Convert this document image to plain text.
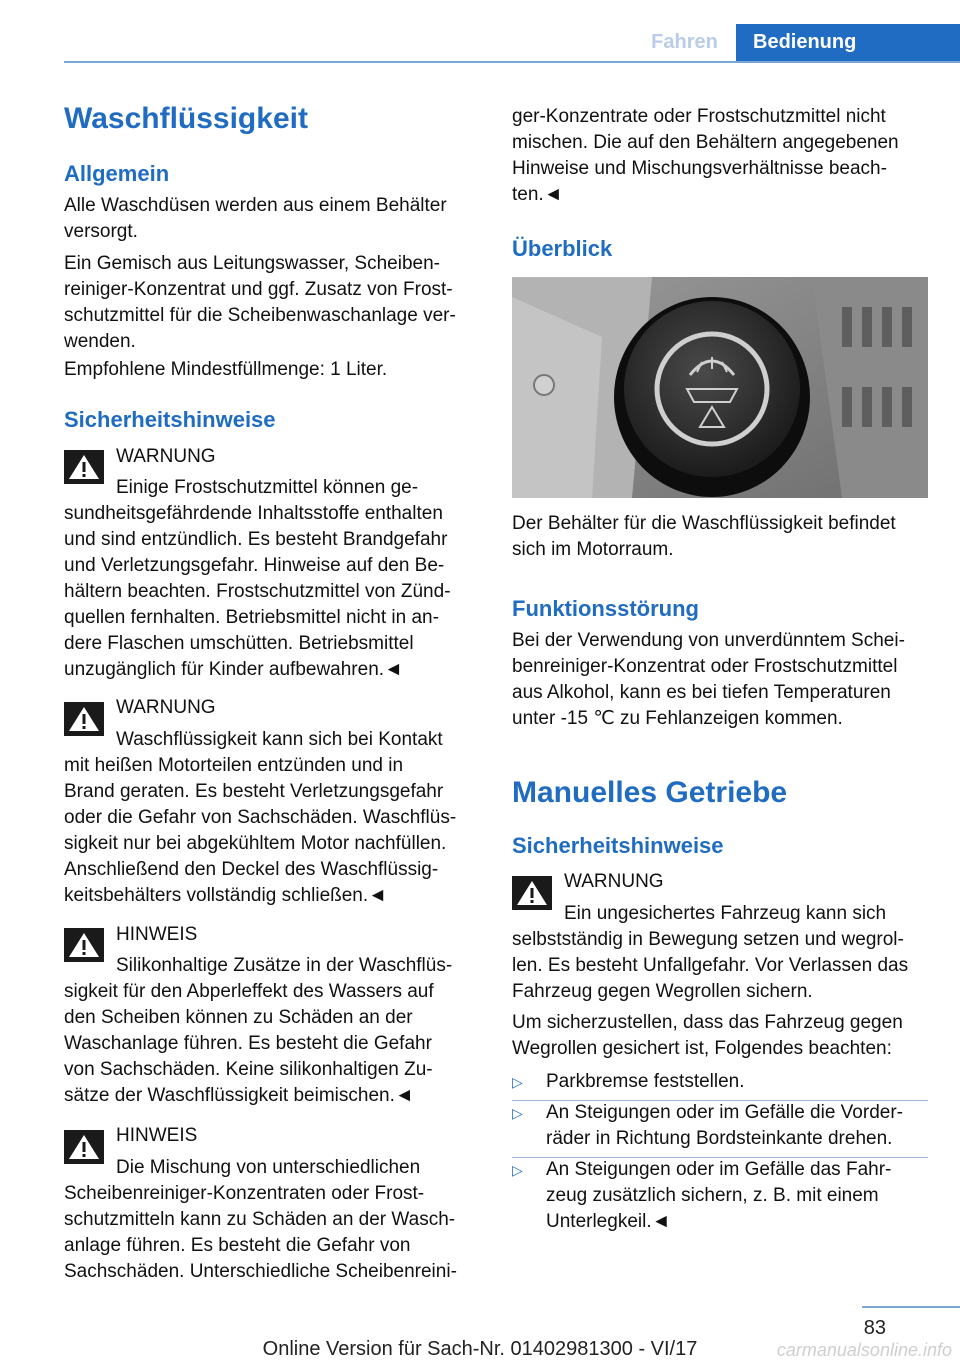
Fahren	Bedienung
Waschflüssigkeit
Allgemein
Alle Waschdüsen werden aus einem Behälter
versorgt.
Ein Gemisch aus Leitungswasser, Scheiben-
reiniger-Konzentrat und ggf. Zusatz von Frost-
schutzmittel für die Scheibenwaschanlage ver-
wenden.
Empfohlene Mindestfüllmenge: 1 Liter.
Sicherheitshinweise
WARNUNG
Einige Frostschutzmittel können ge-
sundheitsgefährdende Inhaltsstoffe enthalten
und sind entzündlich. Es besteht Brandgefahr
und Verletzungsgefahr. Hinweise auf den Be-
hältern beachten. Frostschutzmittel von Zünd-
quellen fernhalten. Betriebsmittel nicht in an-
dere Flaschen umschütten. Betriebsmittel
unzugänglich für Kinder aufbewahren.◄
WARNUNG
Waschflüssigkeit kann sich bei Kontakt
mit heißen Motorteilen entzünden und in
Brand geraten. Es besteht Verletzungsgefahr
oder die Gefahr von Sachschäden. Waschflüs-
sigkeit nur bei abgekühltem Motor nachfüllen.
Anschließend den Deckel des Waschflüssig-
keitsbehälters vollständig schließen.◄
HINWEIS
Silikonhaltige Zusätze in der Waschflüs-
sigkeit für den Abperleffekt des Wassers auf
den Scheiben können zu Schäden an der
Waschanlage führen. Es besteht die Gefahr
von Sachschäden. Keine silikonhaltigen Zu-
sätze der Waschflüssigkeit beimischen.◄
HINWEIS
Die Mischung von unterschiedlichen
Scheibenreiniger-Konzentraten oder Frost-
schutzmitteln kann zu Schäden an der Wasch-
anlage führen. Es besteht die Gefahr von
Sachschäden. Unterschiedliche Scheibenreini-
ger-Konzentrate oder Frostschutzmittel nicht
mischen. Die auf den Behältern angegebenen
Hinweise und Mischungsverhältnisse beach-
ten.◄
Überblick
Der Behälter für die Waschflüssigkeit befindet
sich im Motorraum.
Funktionsstörung
Bei der Verwendung von unverdünntem Schei-
benreiniger-Konzentrat oder Frostschutzmittel
aus Alkohol, kann es bei tiefen Temperaturen
unter -15 ℃ zu Fehlanzeigen kommen.
Manuelles Getriebe
Sicherheitshinweise
WARNUNG
Ein ungesichertes Fahrzeug kann sich
selbstständig in Bewegung setzen und wegrol-
len. Es besteht Unfallgefahr. Vor Verlassen das
Fahrzeug gegen Wegrollen sichern.
Um sicherzustellen, dass das Fahrzeug gegen
Wegrollen gesichert ist, Folgendes beachten:
▷ Parkbremse feststellen.
▷ An Steigungen oder im Gefälle die Vorder-
räder in Richtung Bordsteinkante drehen.
▷ An Steigungen oder im Gefälle das Fahr-
zeug zusätzlich sichern, z. B. mit einem
Unterlegkeil.◄
83
Online Version für Sach-Nr. 01402981300 - VI/17	carmanualsonline.info
